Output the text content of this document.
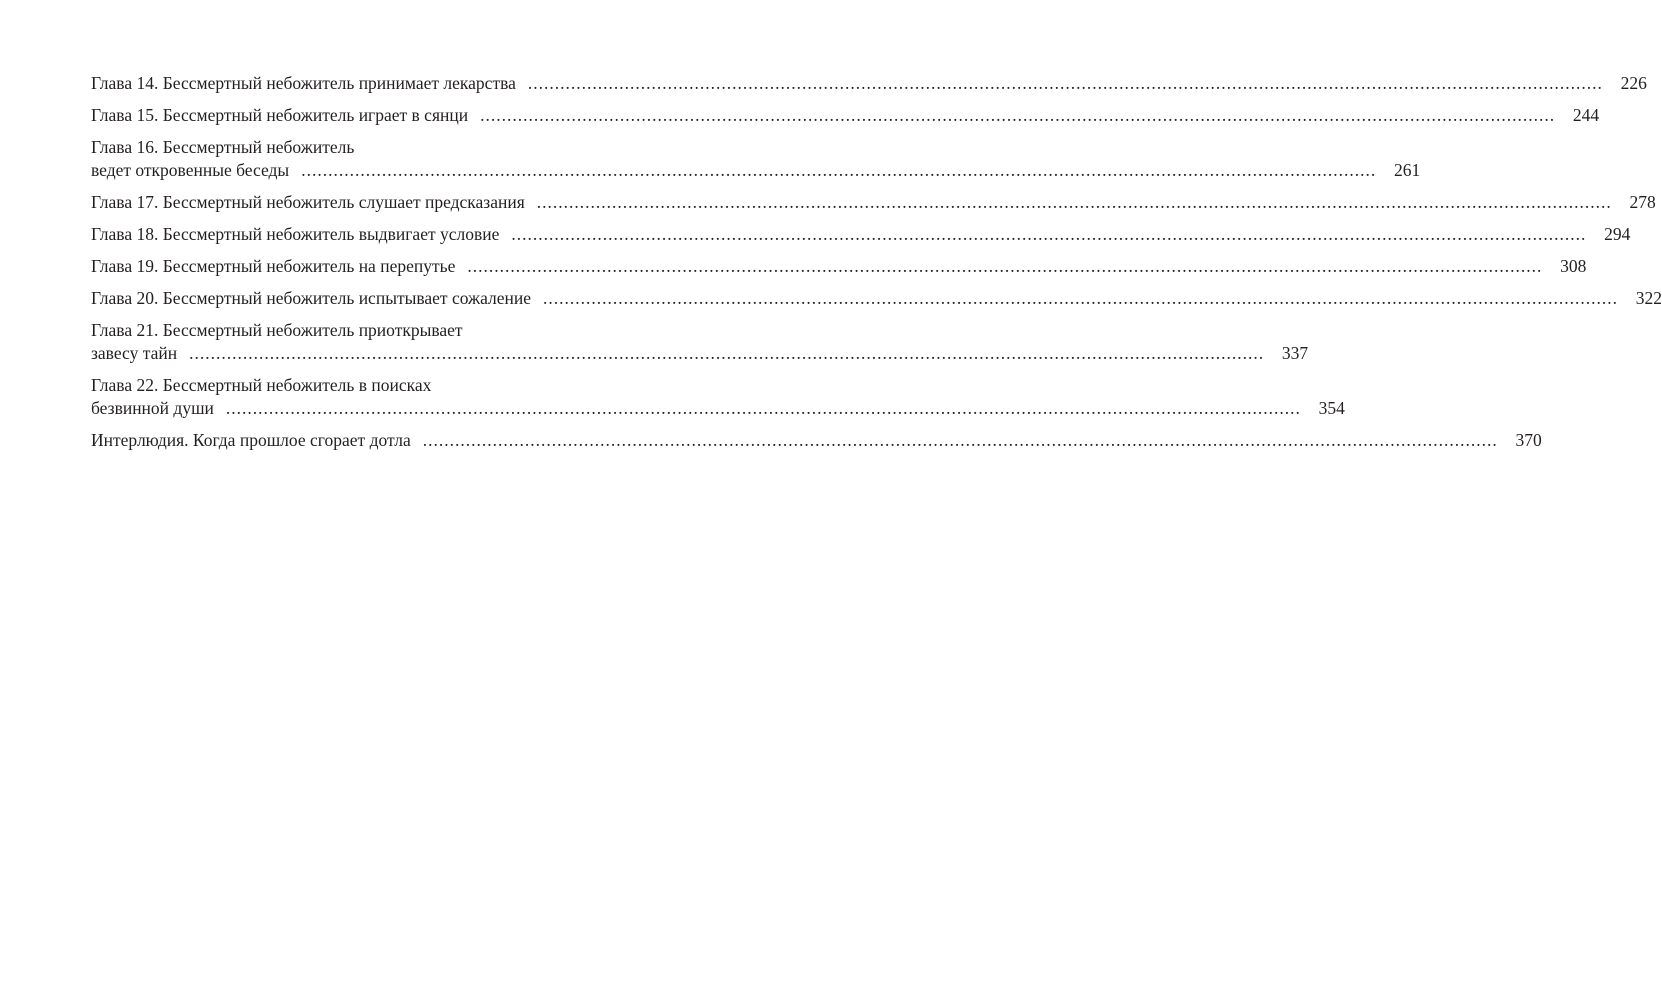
Глава 14. Бессмертный небожитель принимает лекарства ........................................................................................................................................................................................................ 226
Глава 15. Бессмертный небожитель играет в сянци ........................................................................................................................................................................................................ 244
Глава 16. Бессмертный небожитель
ведет откровенные беседы ........................................................................................................................................................................................................ 261
Глава 17. Бессмертный небожитель слушает предсказания ........................................................................................................................................................................................................ 278
Глава 18. Бессмертный небожитель выдвигает условие ........................................................................................................................................................................................................ 294
Глава 19. Бессмертный небожитель на перепутье ........................................................................................................................................................................................................ 308
Глава 20. Бессмертный небожитель испытывает сожаление ........................................................................................................................................................................................................ 322
Глава 21. Бессмертный небожитель приоткрывает
завесу тайн ........................................................................................................................................................................................................ 337
Глава 22. Бессмертный небожитель в поисках
безвинной души ........................................................................................................................................................................................................ 354
Интерлюдия. Когда прошлое сгорает дотла ........................................................................................................................................................................................................ 370
